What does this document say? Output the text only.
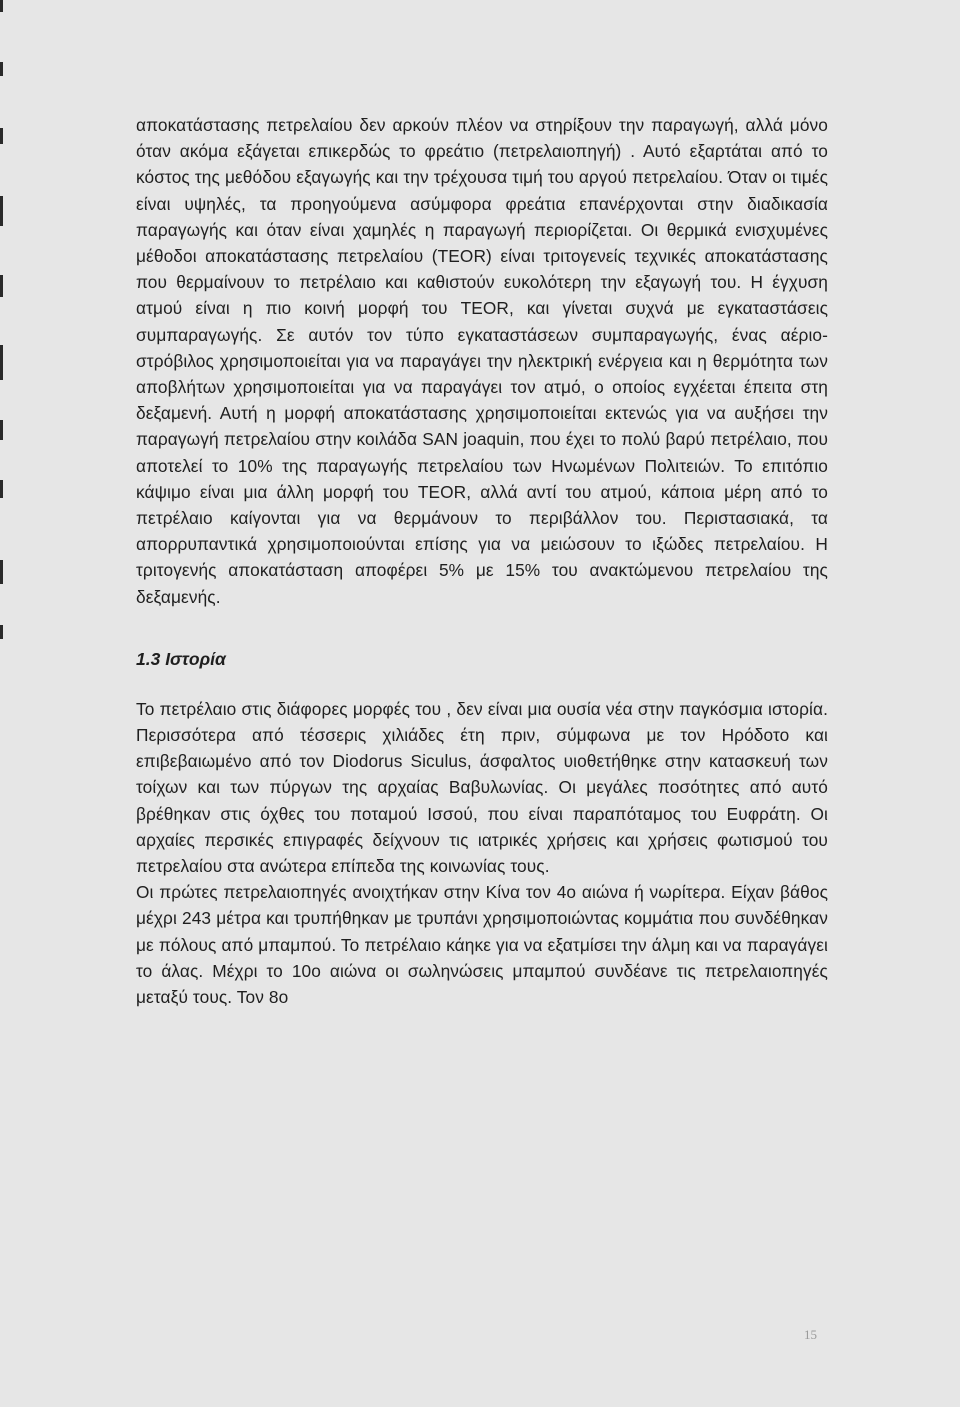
αποκατάστασης πετρελαίου δεν αρκούν πλέον να στηρίξουν την παραγωγή, αλλά μόνο όταν ακόμα εξάγεται επικερδώς το φρεάτιο (πετρελαιοπηγή) . Αυτό εξαρτάται από το κόστος της μεθόδου εξαγωγής και την τρέχουσα τιμή του αργού πετρελαίου. Όταν οι τιμές είναι υψηλές, τα προηγούμενα ασύμφορα φρεάτια επανέρχονται στην διαδικασία παραγωγής και όταν είναι χαμηλές η παραγωγή περιορίζεται. Οι θερμικά ενισχυμένες μέθοδοι αποκατάστασης πετρελαίου (TEOR) είναι τριτογενείς τεχνικές αποκατάστασης που θερμαίνουν το πετρέλαιο και καθιστούν ευκολότερη την εξαγωγή του. Η έγχυση ατμού είναι η πιο κοινή μορφή του TEOR, και γίνεται συχνά με εγκαταστάσεις συμπαραγωγής. Σε αυτόν τον τύπο εγκαταστάσεων συμπαραγωγής, ένας αέριο-στρόβιλος χρησιμοποιείται για να παραγάγει την ηλεκτρική ενέργεια και η θερμότητα των αποβλήτων χρησιμοποιείται για να παραγάγει τον ατμό, ο οποίος εγχέεται έπειτα στη δεξαμενή. Αυτή η μορφή αποκατάστασης χρησιμοποιείται εκτενώς για να αυξήσει την παραγωγή πετρελαίου στην κοιλάδα SAN joaquin, που έχει το πολύ βαρύ πετρέλαιο, που αποτελεί το 10% της παραγωγής πετρελαίου των Ηνωμένων Πολιτειών. Το επιτόπιο κάψιμο είναι μια άλλη μορφή του TEOR, αλλά αντί του ατμού, κάποια μέρη από το πετρέλαιο καίγονται για να θερμάνουν το περιβάλλον του. Περιστασιακά, τα απορρυπαντικά χρησιμοποιούνται επίσης για να μειώσουν το ιξώδες πετρελαίου. Η τριτογενής αποκατάσταση αποφέρει 5% με 15% του ανακτώμενου πετρελαίου της δεξαμενής.

1.3 Ιστορία

Το πετρέλαιο στις διάφορες μορφές του , δεν είναι μια ουσία νέα στην παγκόσμια ιστορία. Περισσότερα από τέσσερις χιλιάδες έτη πριν, σύμφωνα με τον Ηρόδοτο και επιβεβαιωμένο από τον Diodorus Siculus, άσφαλτος υιοθετήθηκε στην κατασκευή των τοίχων και των πύργων της αρχαίας Βαβυλωνίας. Οι μεγάλες ποσότητες από αυτό βρέθηκαν στις όχθες του ποταμού Ισσού, που είναι παραπόταμος του Ευφράτη. Οι αρχαίες περσικές επιγραφές δείχνουν τις ιατρικές χρήσεις και χρήσεις φωτισμού του πετρελαίου στα ανώτερα επίπεδα της κοινωνίας τους.

Οι πρώτες πετρελαιοπηγές ανοιχτήκαν στην Κίνα τον 4ο αιώνα ή νωρίτερα. Είχαν βάθος μέχρι 243 μέτρα και τρυπήθηκαν με τρυπάνι χρησιμοποιώντας κομμάτια που συνδέθηκαν με πόλους από μπαμπού. Το πετρέλαιο κάηκε για να εξατμίσει την άλμη και να παραγάγει το άλας. Μέχρι το 10ο αιώνα οι σωληνώσεις μπαμπού συνδέανε τις πετρελαιοπηγές μεταξύ τους. Τον 8ο

15
